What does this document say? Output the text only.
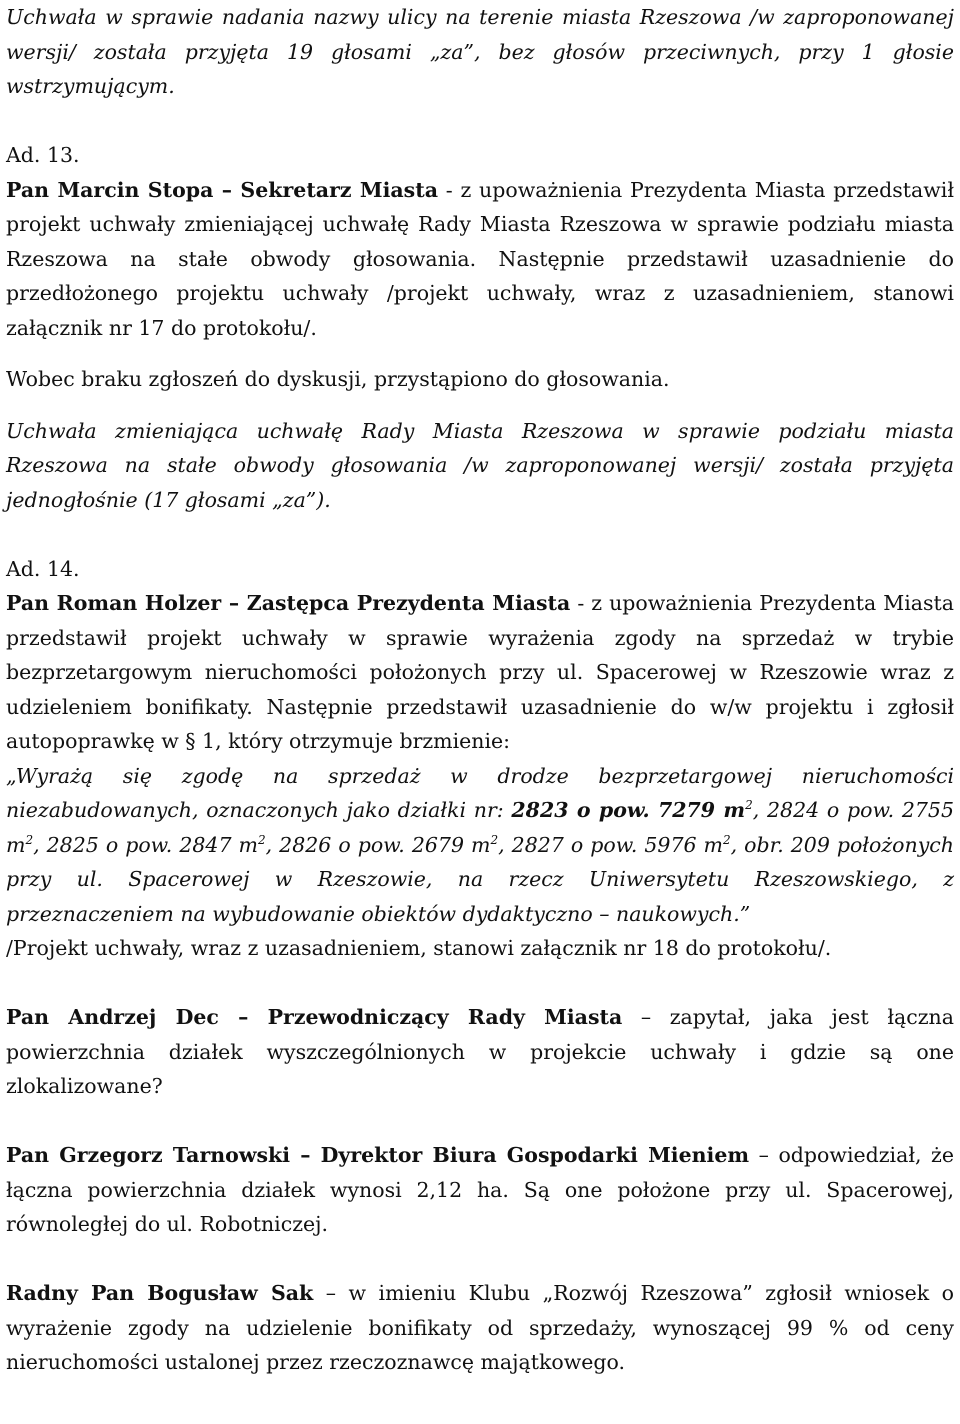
Uchwała w sprawie nadania nazwy ulicy na terenie miasta Rzeszowa /w zaproponowanej wersji/ została przyjęta 19 głosami „za”, bez głosów przeciwnych, przy 1 głosie wstrzymującym.

Ad. 13.

Pan Marcin Stopa – Sekretarz Miasta - z upoważnienia Prezydenta Miasta przedstawił projekt uchwały zmieniającej uchwałę Rady Miasta Rzeszowa w sprawie podziału miasta Rzeszowa na stałe obwody głosowania. Następnie przedstawił uzasadnienie do przedłożonego projektu uchwały /projekt uchwały, wraz z uzasadnieniem, stanowi załącznik nr 17 do protokołu/.

Wobec braku zgłoszeń do dyskusji, przystąpiono do głosowania.

Uchwała zmieniająca uchwałę Rady Miasta Rzeszowa w sprawie podziału miasta Rzeszowa na stałe obwody głosowania /w zaproponowanej wersji/ została przyjęta jednogłośnie (17 głosami „za”).

Ad. 14.

Pan Roman Holzer – Zastępca Prezydenta Miasta - z upoważnienia Prezydenta Miasta przedstawił projekt uchwały w sprawie wyrażenia zgody na sprzedaż w trybie bezprzetargowym nieruchomości położonych przy ul. Spacerowej w Rzeszowie wraz z udzieleniem bonifikaty. Następnie przedstawił uzasadnienie do w/w projektu i zgłosił autopoprawkę w § 1, który otrzymuje brzmienie:

„Wyrażą się zgodę na sprzedaż w drodze bezprzetargowej nieruchomości niezabudowanych, oznaczonych jako działki nr: 2823 o pow. 7279 $m^2$, 2824 o pow. 2755 $m^2$, 2825 o pow. 2847 $m^2$, 2826 o pow. 2679 $m^2$, 2827 o pow. 5976 $m^2$, obr. 209 położonych przy ul. Spacerowej w Rzeszowie, na rzecz Uniwersytetu Rzeszowskiego, z przeznaczeniem na wybudowanie obiektów dydaktyczno – naukowych.”

/Projekt uchwały, wraz z uzasadnieniem, stanowi załącznik nr 18 do protokołu/.

Pan Andrzej Dec – Przewodniczący Rady Miasta – zapytał, jaka jest łączna powierzchnia działek wyszczególnionych w projekcie uchwały i gdzie są one zlokalizowane?

Pan Grzegorz Tarnowski – Dyrektor Biura Gospodarki Mieniem – odpowiedział, że łączna powierzchnia działek wynosi 2,12 ha. Są one położone przy ul. Spacerowej, równoległej do ul. Robotniczej.

Radny Pan Bogusław Sak – w imieniu Klubu „Rozwój Rzeszowa” zgłosił wniosek o wyrażenie zgody na udzielenie bonifikaty od sprzedaży, wynoszącej 99 % od ceny nieruchomości ustalonej przez rzeczoznawcę majątkowego.
